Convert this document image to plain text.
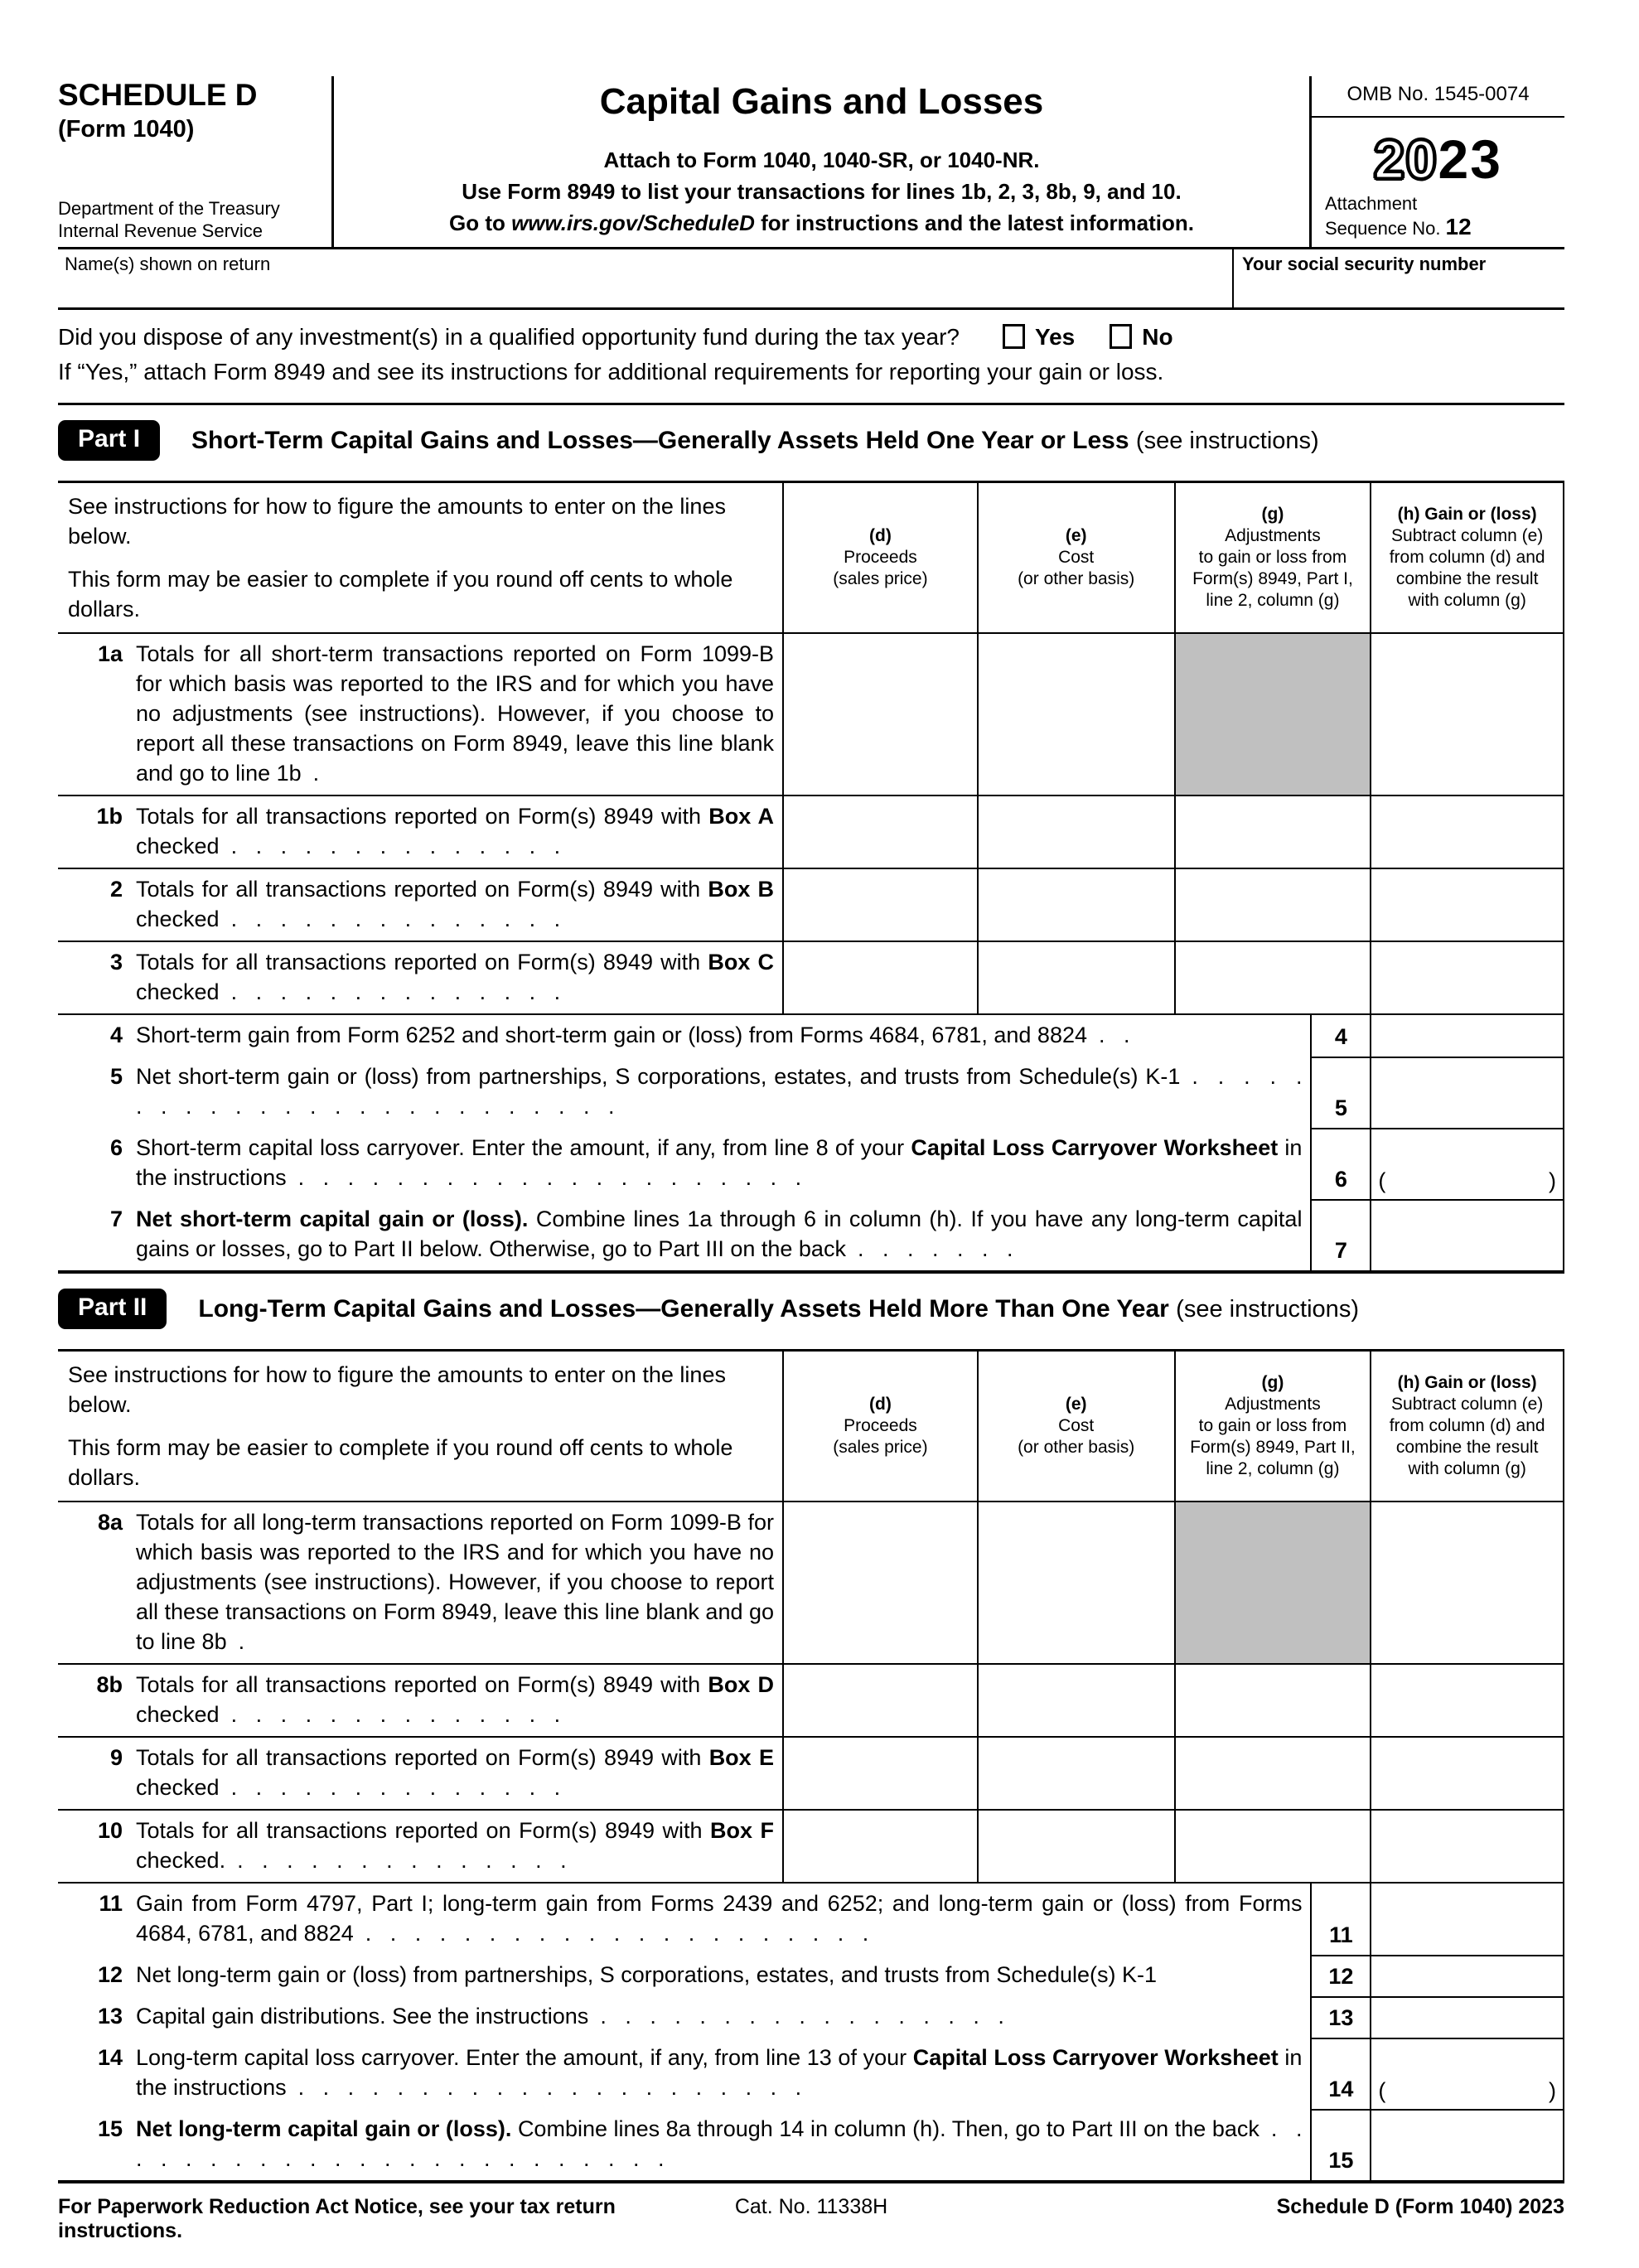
SCHEDULE D
(Form 1040)
Department of the Treasury
Internal Revenue Service
Capital Gains and Losses
Attach to Form 1040, 1040-SR, or 1040-NR.
Use Form 8949 to list your transactions for lines 1b, 2, 3, 8b, 9, and 10.
Go to www.irs.gov/ScheduleD for instructions and the latest information.
OMB No. 1545-0074
2023
Attachment
Sequence No. 12
Name(s) shown on return	Your social security number
Did you dispose of any investment(s) in a qualified opportunity fund during the tax year?	Yes	No
If “Yes,” attach Form 8949 and see its instructions for additional requirements for reporting your gain or loss.
Part I	Short-Term Capital Gains and Losses—Generally Assets Held One Year or Less (see instructions)
See instructions for how to figure the amounts to enter on the lines below.
This form may be easier to complete if you round off cents to whole dollars.
(d)
Proceeds
(sales price)
(e)
Cost
(or other basis)
(g)
Adjustments
to gain or loss from
Form(s) 8949, Part I,
line 2, column (g)
(h) Gain or (loss)
Subtract column (e)
from column (d) and
combine the result
with column (g)
1a Totals for all short-term transactions reported on Form 1099-B for which basis was reported to the IRS and for which you have no adjustments (see instructions). However, if you choose to report all these transactions on Form 8949, leave this line blank and go to line 1b .
1b Totals for all transactions reported on Form(s) 8949 with Box A checked . . . . . . . . . . . . . .
2 Totals for all transactions reported on Form(s) 8949 with Box B checked . . . . . . . . . . . . . .
3 Totals for all transactions reported on Form(s) 8949 with Box C checked . . . . . . . . . . . . . .
4 Short-term gain from Form 6252 and short-term gain or (loss) from Forms 4684, 6781, and 8824 . .	4
5 Net short-term gain or (loss) from partnerships, S corporations, estates, and trusts from Schedule(s) K-1 . . . . . . . . . . . . . . . . . . . . . . . . .	5
6 Short-term capital loss carryover. Enter the amount, if any, from line 8 of your Capital Loss Carryover Worksheet in the instructions . . . . . . . . . . . . . . . . . . . . .	6 (	)
7 Net short-term capital gain or (loss). Combine lines 1a through 6 in column (h). If you have any long-term capital gains or losses, go to Part II below. Otherwise, go to Part III on the back . . . . . . .	7
Part II	Long-Term Capital Gains and Losses—Generally Assets Held More Than One Year (see instructions)
See instructions for how to figure the amounts to enter on the lines below.
This form may be easier to complete if you round off cents to whole dollars.
(d)
Proceeds
(sales price)
(e)
Cost
(or other basis)
(g)
Adjustments
to gain or loss from
Form(s) 8949, Part II,
line 2, column (g)
(h) Gain or (loss)
Subtract column (e)
from column (d) and
combine the result
with column (g)
8a Totals for all long-term transactions reported on Form 1099-B for which basis was reported to the IRS and for which you have no adjustments (see instructions). However, if you choose to report all these transactions on Form 8949, leave this line blank and go to line 8b .
8b Totals for all transactions reported on Form(s) 8949 with Box D checked . . . . . . . . . . . . . .
9 Totals for all transactions reported on Form(s) 8949 with Box E checked . . . . . . . . . . . . . .
10 Totals for all transactions reported on Form(s) 8949 with Box F checked. . . . . . . . . . . . . . .
11 Gain from Form 4797, Part I; long-term gain from Forms 2439 and 6252; and long-term gain or (loss) from Forms 4684, 6781, and 8824 . . . . . . . . . . . . . . . . . . . . .	11
12 Net long-term gain or (loss) from partnerships, S corporations, estates, and trusts from Schedule(s) K-1	12
13 Capital gain distributions. See the instructions . . . . . . . . . . . . . . . . .	13
14 Long-term capital loss carryover. Enter the amount, if any, from line 13 of your Capital Loss Carryover Worksheet in the instructions . . . . . . . . . . . . . . . . . . . . .	14 (	)
15 Net long-term capital gain or (loss). Combine lines 8a through 14 in column (h). Then, go to Part III on the back . . . . . . . . . . . . . . . . . . . . . . . .	15
For Paperwork Reduction Act Notice, see your tax return instructions.
Cat. No. 11338H	Schedule D (Form 1040) 2023
